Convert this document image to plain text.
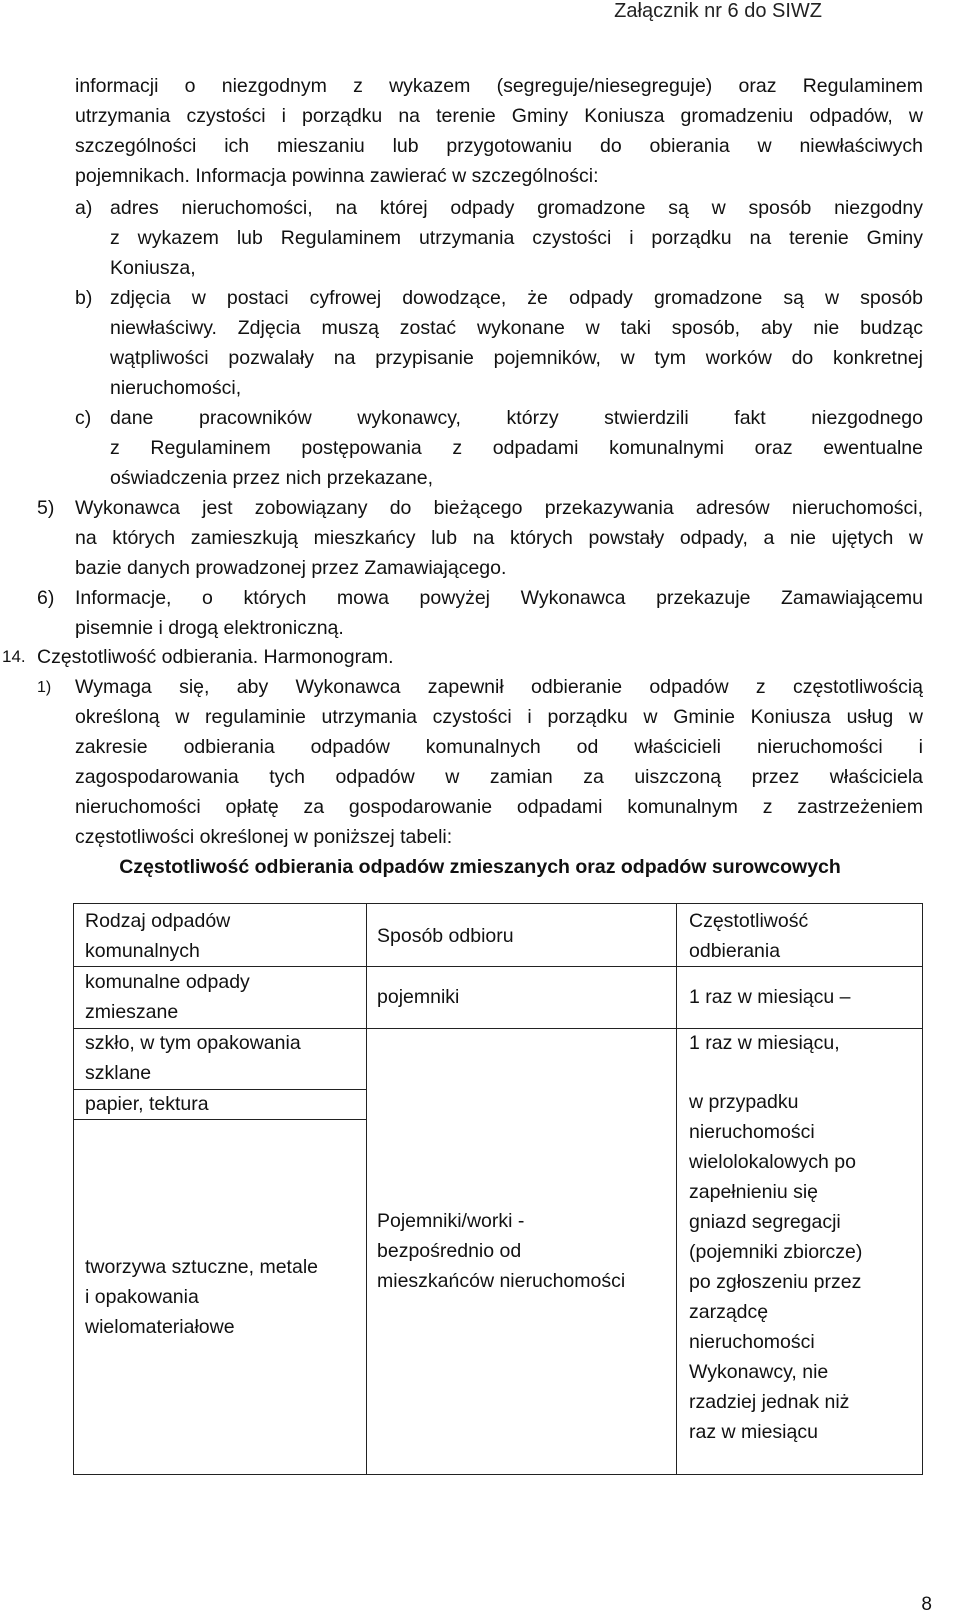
Załącznik nr 6 do SIWZ
informacji o niezgodnym z wykazem (segreguje/niesegreguje) oraz Regulaminem
utrzymania czystości i porządku na terenie Gminy Koniusza gromadzeniu odpadów, w
szczególności ich mieszaniu lub przygotowaniu do obierania w niewłaściwych
pojemnikach. Informacja powinna zawierać w szczególności:
a) adres nieruchomości, na której odpady gromadzone są w sposób niezgodny
z wykazem lub Regulaminem utrzymania czystości i porządku na terenie Gminy
Koniusza,
b) zdjęcia w postaci cyfrowej dowodzące, że odpady gromadzone są w sposób
niewłaściwy. Zdjęcia muszą zostać wykonane w taki sposób, aby nie budząc
wątpliwości pozwalały na przypisanie pojemników, w tym worków do konkretnej
nieruchomości,
c) dane pracowników wykonawcy, którzy stwierdzili fakt niezgodnego
z Regulaminem postępowania z odpadami komunalnymi oraz ewentualne
oświadczenia przez nich przekazane,
5) Wykonawca jest zobowiązany do bieżącego przekazywania adresów nieruchomości,
na których zamieszkują mieszkańcy lub na których powstały odpady, a nie ujętych w
bazie danych prowadzonej przez Zamawiającego.
6) Informacje, o których mowa powyżej Wykonawca przekazuje Zamawiającemu
pisemnie i drogą elektroniczną.
14. Częstotliwość odbierania. Harmonogram.
1) Wymaga się, aby Wykonawca zapewnił odbieranie odpadów z częstotliwością
określoną w regulaminie utrzymania czystości i porządku w Gminie Koniusza usług w
zakresie odbierania odpadów komunalnych od właścicieli nieruchomości i
zagospodarowania tych odpadów w zamian za uiszczoną przez właściciela
nieruchomości opłatę za gospodarowanie odpadami komunalnym z zastrzeżeniem
częstotliwości określonej w poniższej tabeli:
Częstotliwość odbierania odpadów zmieszanych oraz odpadów surowcowych
Rodzaj odpadów
komunalnych
Sposób odbioru
Częstotliwość
odbierania
komunalne odpady
zmieszane
pojemniki	1 raz w miesiącu –
szkło, w tym opakowania
szklane
papier, tektura
tworzywa sztuczne, metale
i opakowania
wielomateriałowe
Pojemniki/worki -
bezpośrednio od
mieszkańców nieruchomości
1 raz w miesiącu,
w przypadku
nieruchomości
wielolokalowych po
zapełnieniu się
gniazd segregacji
(pojemniki zbiorcze)
po zgłoszeniu przez
zarządcę
nieruchomości
Wykonawcy, nie
rzadziej jednak niż
raz w miesiącu
8
